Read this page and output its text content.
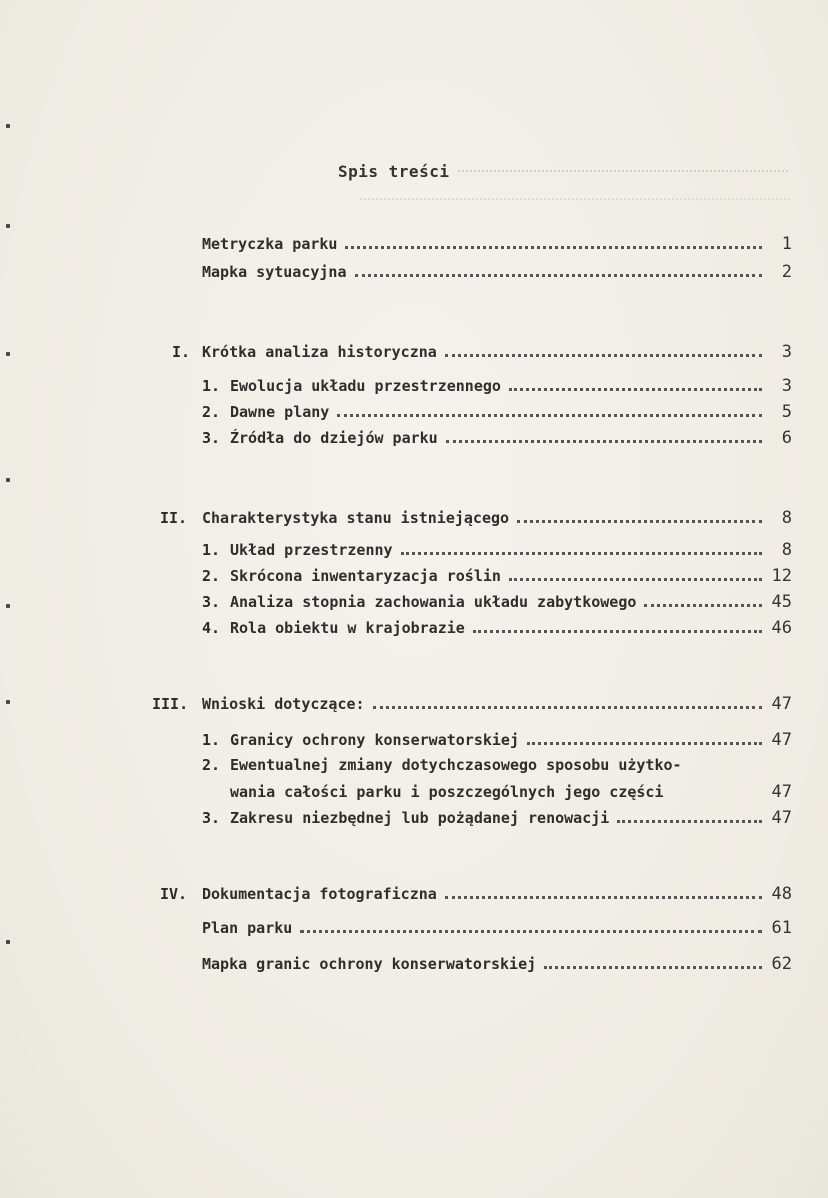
Spis treści
Metryczka parku	1
Mapka sytuacyjna	2
I. Krótka analiza historyczna	3
1. Ewolucja układu przestrzennego	3
2. Dawne plany	5
3. Źródła do dziejów parku	6
II. Charakterystyka stanu istniejącego	8
1. Układ przestrzenny	8
2. Skrócona inwentaryzacja roślin	12
3. Analiza stopnia zachowania układu zabytkowego	45
4. Rola obiektu w krajobrazie	46
III. Wnioski dotyczące:	47
1. Granicy ochrony konserwatorskiej	47
2. Ewentualnej zmiany dotychczasowego sposobu użytko-
wania całości parku i poszczególnych jego części	47
3. Zakresu niezbędnej lub pożądanej renowacji	47
IV. Dokumentacja fotograficzna	48
Plan parku	61
Mapka granic ochrony konserwatorskiej	62
